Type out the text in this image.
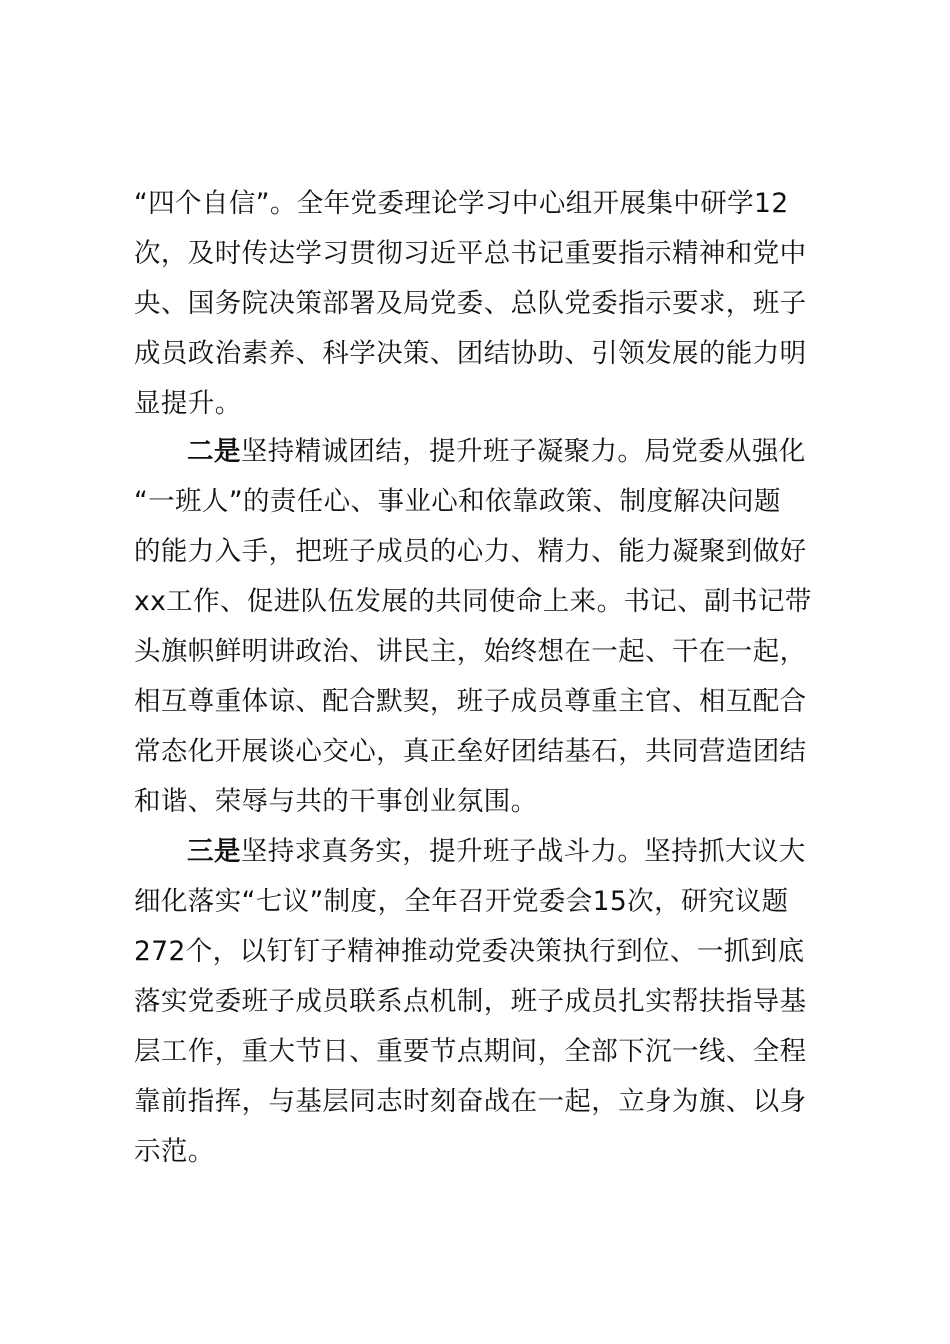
“四个自信”。全年党委理论学习中心组开展集中研学12
次，及时传达学习贯彻习近平总书记重要指示精神和党中
央、国务院决策部署及局党委、总队党委指示要求，班子
成员政治素养、科学决策、团结协助、引领发展的能力明
显提升。
二是坚持精诚团结，提升班子凝聚力。局党委从强化
“一班人”的责任心、事业心和依靠政策、制度解决问题
的能力入手，把班子成员的心力、精力、能力凝聚到做好
xx工作、促进队伍发展的共同使命上来。书记、副书记带
头旗帜鲜明讲政治、讲民主，始终想在一起、干在一起，
相互尊重体谅、配合默契，班子成员尊重主官、相互配合
常态化开展谈心交心，真正垒好团结基石，共同营造团结
和谐、荣辱与共的干事创业氛围。
三是坚持求真务实，提升班子战斗力。坚持抓大议大
细化落实“七议”制度，全年召开党委会15次，研究议题
272个，以钉钉子精神推动党委决策执行到位、一抓到底
落实党委班子成员联系点机制，班子成员扎实帮扶指导基
层工作，重大节日、重要节点期间，全部下沉一线、全程
靠前指挥，与基层同志时刻奋战在一起，立身为旗、以身
示范。
